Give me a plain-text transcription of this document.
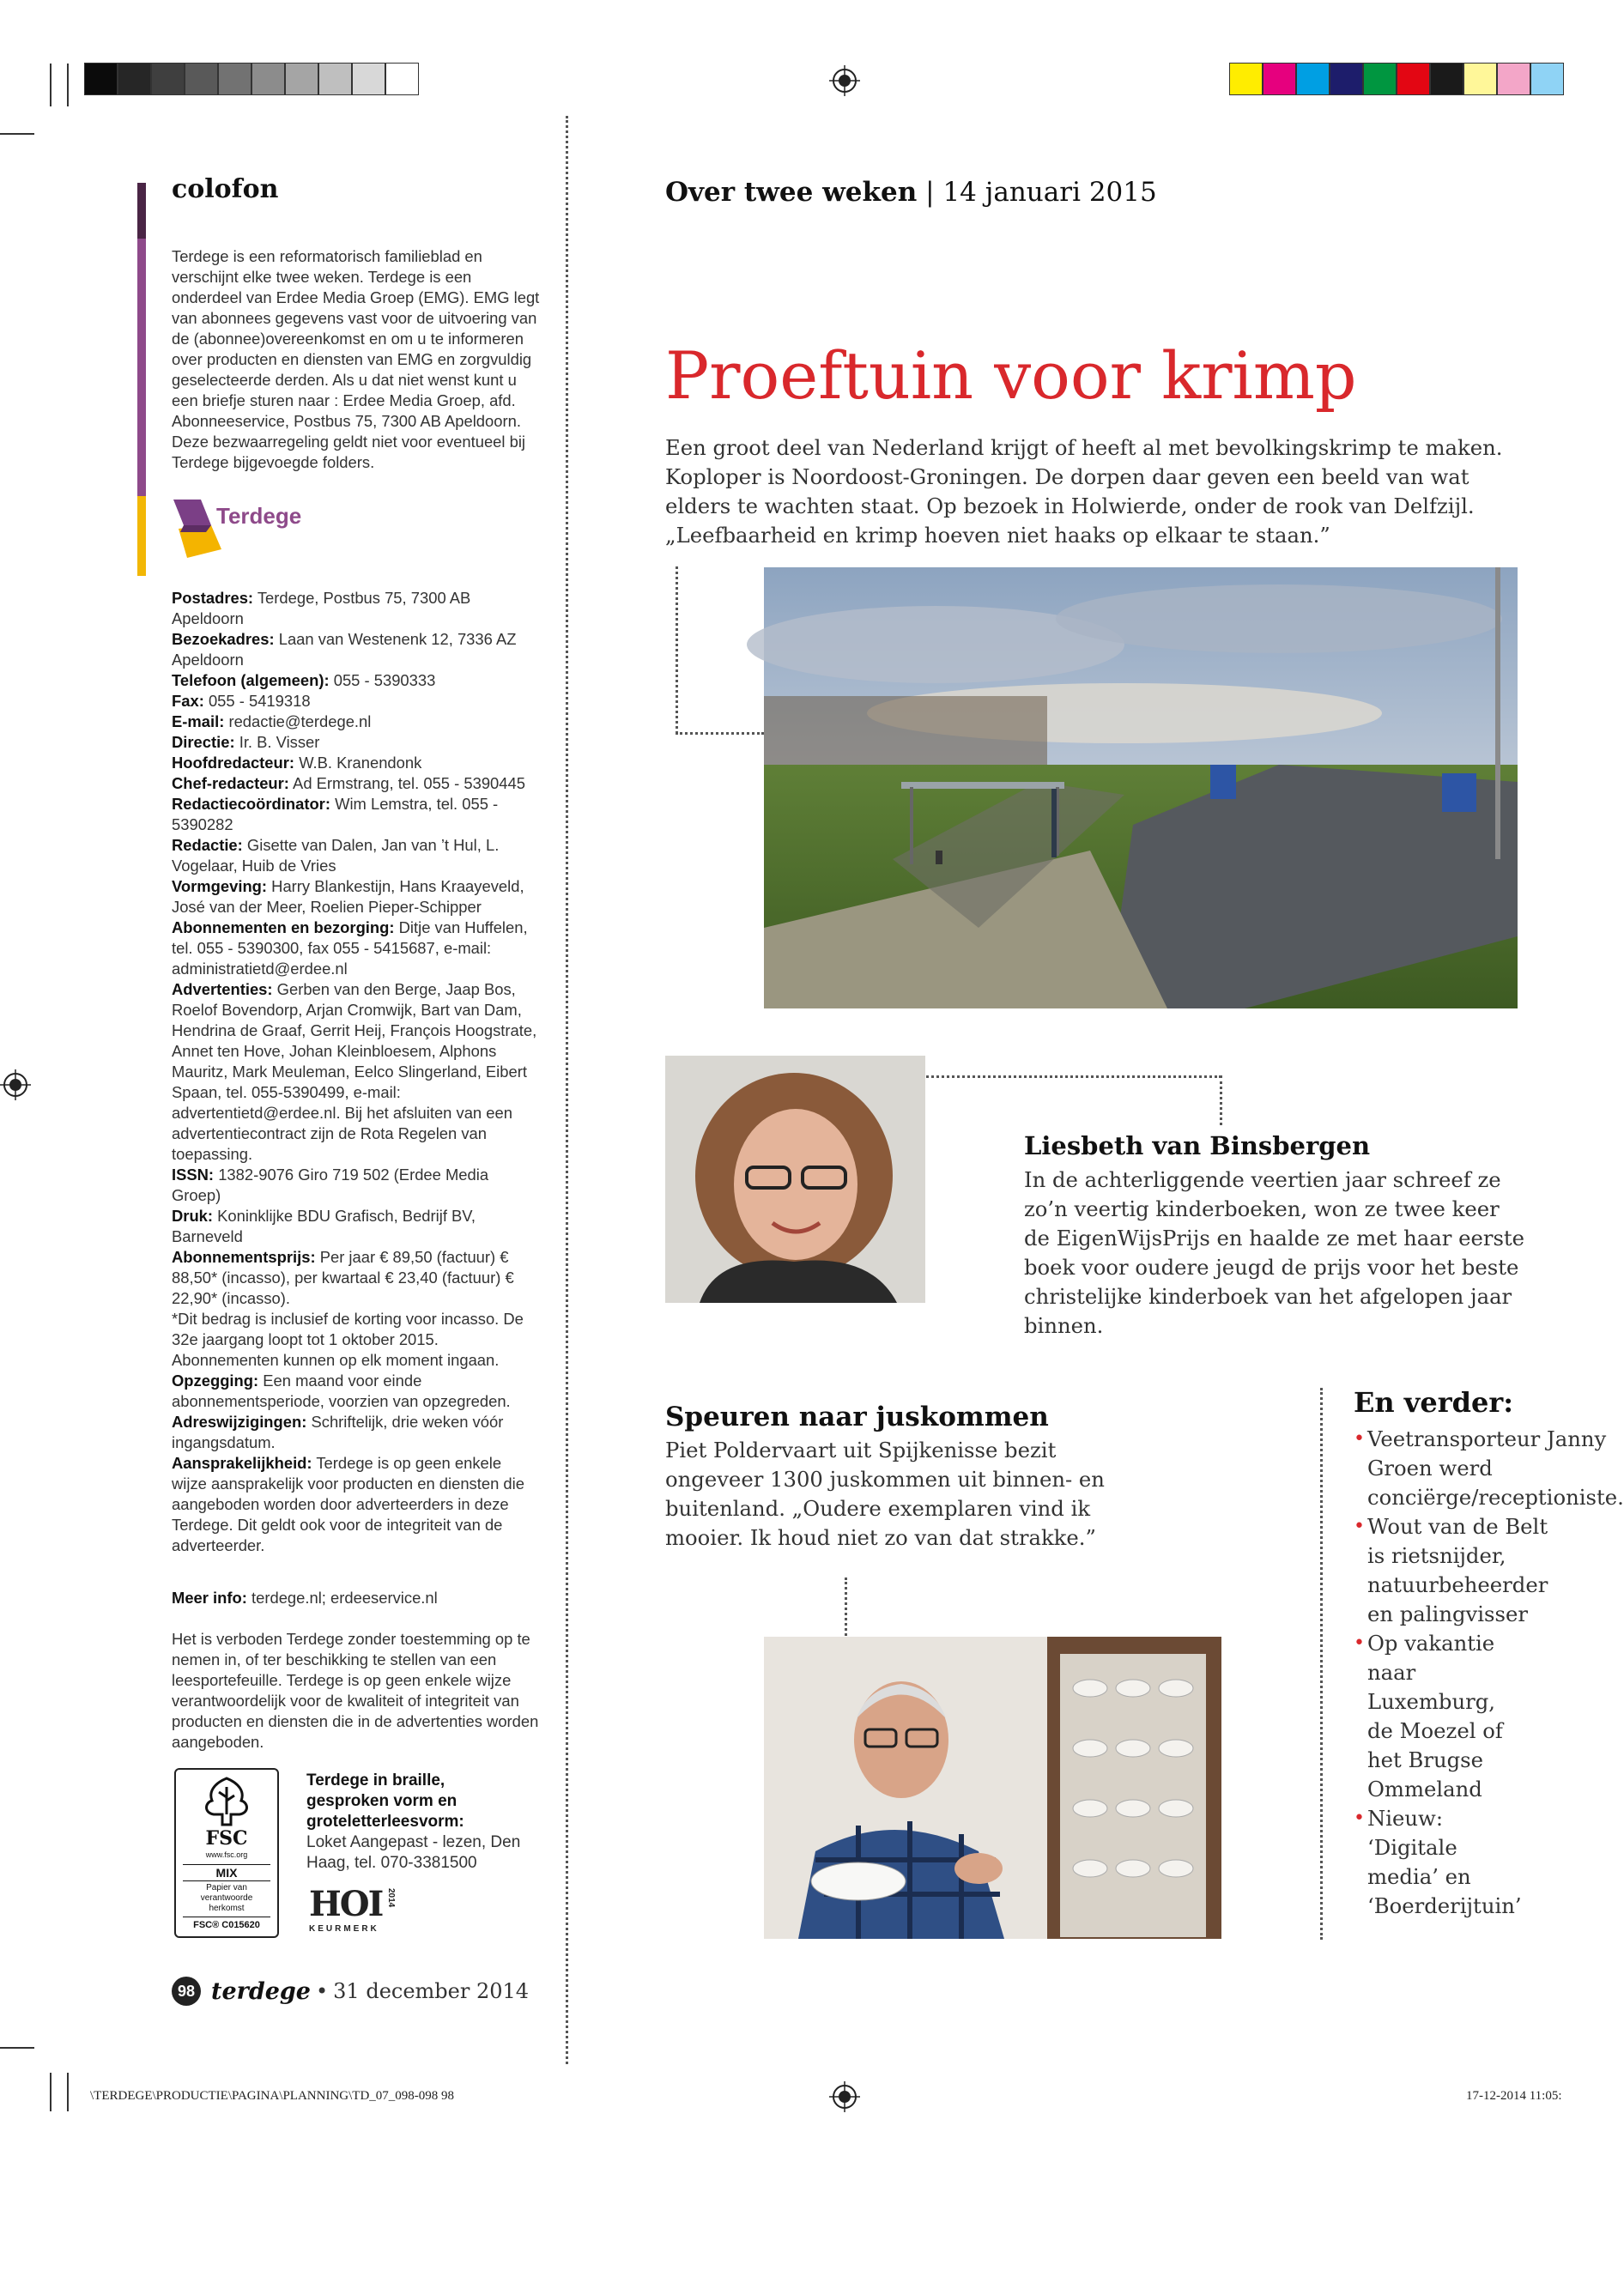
\TERDEGE\PRODUCTIE\PAGINA\PLANNING\TD_07_098-098 98	17-12-2014 11:05:
colofon
Terdege is een reformatorisch familieblad en verschijnt elke twee weken. Terdege is een onderdeel van Erdee Media Groep (EMG). EMG legt van abonnees gegevens vast voor de uitvoering van de (abonnee)overeenkomst en om u te informeren over producten en diensten van EMG en zorgvuldig geselecteerde derden. Als u dat niet wenst kunt u een briefje sturen naar : Erdee Media Groep, afd. Abonneeservice, Postbus 75, 7300 AB Apeldoorn. Deze bezwaarregeling geldt niet voor eventueel bij Terdege bijgevoegde folders.
Terdege

Postadres: Terdege, Postbus 75, 7300 AB Apeldoorn

Bezoekadres: Laan van Westenenk 12, 7336 AZ Apeldoorn

Telefoon (algemeen): 055 - 5390333

Fax: 055 - 5419318

E-mail: redactie@terdege.nl

Directie: Ir. B. Visser

Hoofdredacteur: W.B. Kranendonk

Chef-redacteur: Ad Ermstrang, tel. 055 - 5390445

Redactiecoördinator: Wim Lemstra, tel. 055 - 5390282

Redactie: Gisette van Dalen, Jan van ’t Hul, L. Vogelaar, Huib de Vries

Vormgeving: Harry Blankestijn, Hans Kraayeveld, José van der Meer, Roelien Pieper-Schipper

Abonnementen en bezorging: Ditje van Huffelen, tel. 055 - 5390300, fax 055 - 5415687, e-mail: administratietd@erdee.nl

Advertenties: Gerben van den Berge, Jaap Bos, Roelof Bovendorp, Arjan Cromwijk, Bart van Dam, Hendrina de Graaf, Gerrit Heij, François Hoogstrate, Annet ten Hove, Johan Kleinbloesem, Alphons Mauritz, Mark Meuleman, Eelco Slingerland, Eibert Spaan, tel. 055-5390499, e-mail: advertentietd@erdee.nl. Bij het afsluiten van een advertentiecontract zijn de Rota Regelen van toepassing.

ISSN: 1382-9076 Giro 719 502 (Erdee Media Groep)

Druk: Koninklijke BDU Grafisch, Bedrijf BV, Barneveld

Abonnementsprijs: Per jaar € 89,50 (factuur) € 88,50* (incasso), per kwartaal € 23,40 (factuur) € 22,90* (incasso).

*Dit bedrag is inclusief de korting voor incasso. De 32e jaargang loopt tot 1 oktober 2015. Abonnementen kunnen op elk moment ingaan.

Opzegging: Een maand voor einde abonnementsperiode, voorzien van opzegreden.

Adreswijzigingen: Schriftelijk, drie weken vóór ingangsdatum.

Aansprakelijkheid: Terdege is op geen enkele wijze aansprakelijk voor producten en diensten die aangeboden worden door adverteerders in deze Terdege. Dit geldt ook voor de integriteit van de adverteerder.

Meer info: terdege.nl; erdeeservice.nl
Het is verboden Terdege zonder toestemming op te nemen in, of ter beschikking te stellen van een leesportefeuille. Terdege is op geen enkele wijze verantwoordelijk voor de kwaliteit of integriteit van producten en diensten die in de advertenties worden aangeboden.
FSC
www.fsc.org
MIX
Papier van verantwoorde herkomst
FSC® C015620
Terdege in braille, gesproken vorm en groteletterleesvorm:
Loket Aangepast - lezen, Den Haag, tel. 070-3381500
HOI 2014
KEURMERK
98 terdege • 31 december 2014
Over twee weken | 14 januari 2015
Proeftuin voor krimp
Een groot deel van Nederland krijgt of heeft al met bevolkingskrimp te maken. Koploper is Noordoost-Groningen. De dorpen daar geven een beeld van wat elders te wachten staat. Op bezoek in Holwierde, onder de rook van Delfzijl. „Leefbaarheid en krimp hoeven niet haaks op elkaar te staan.”
Liesbeth van Binsbergen
In de achterliggende veertien jaar schreef ze zo’n veertig kinderboeken, won ze twee keer de EigenWijsPrijs en haalde ze met haar eerste boek voor oudere jeugd de prijs voor het beste christelijke kinderboek van het afgelopen jaar binnen.
Speuren naar juskommen
Piet Poldervaart uit Spijkenisse bezit ongeveer 1300 juskommen uit binnen- en buitenland. „Oudere exemplaren vind ik mooier. Ik houd niet zo van dat strakke.”
En verder:
• Veetransporteur Janny Groen werd conciërge/receptioniste.
• Wout van de Belt is rietsnijder, natuurbeheerder en palingvisser
• Op vakantie naar Luxemburg, de Moezel of het Brugse Ommeland
• Nieuw: ‘Digitale media’ en ‘Boerderijtuin’
